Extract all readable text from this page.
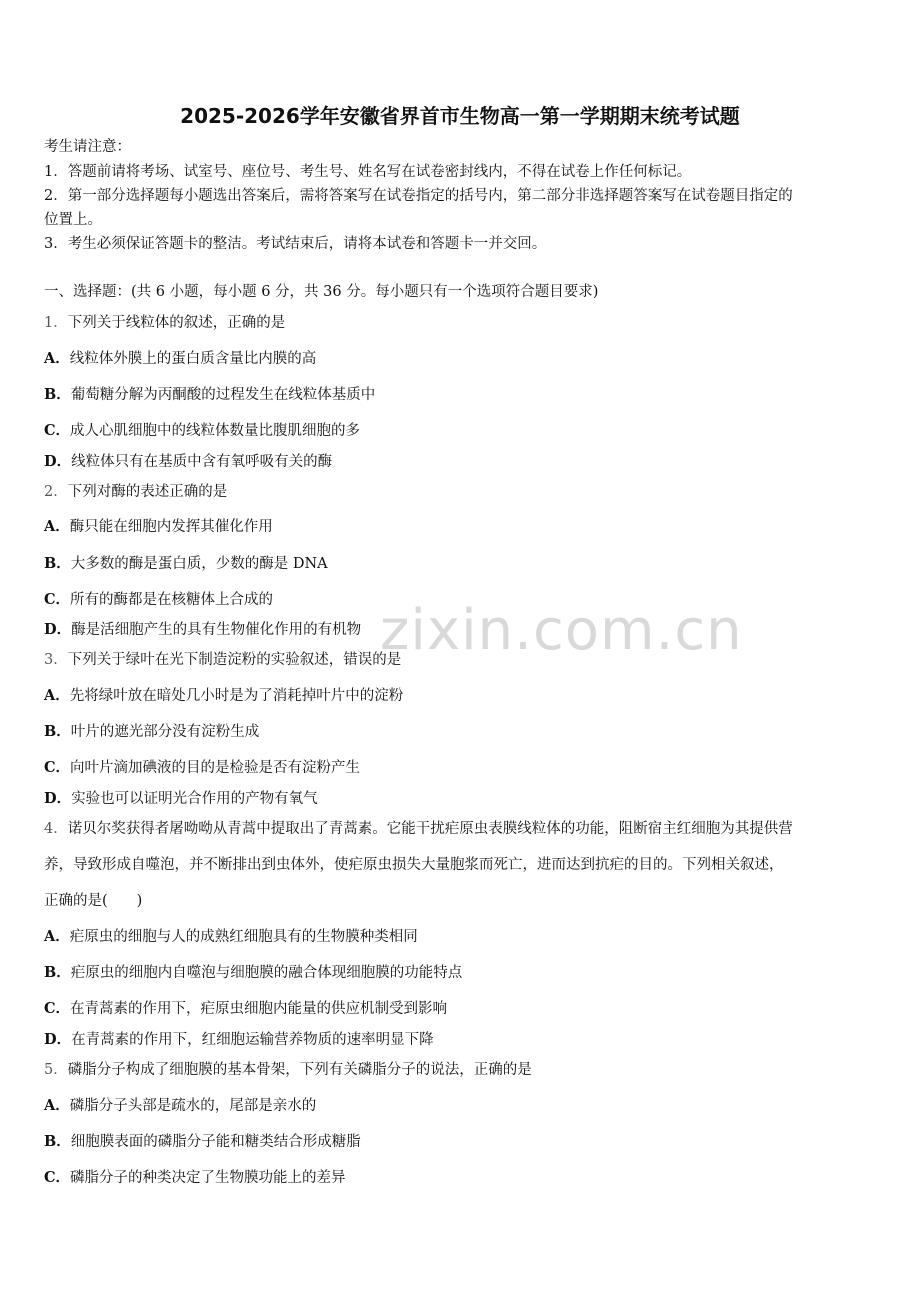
2025-2026学年安徽省界首市生物高一第一学期期末统考试题
考生请注意：
1．答题前请将考场、试室号、座位号、考生号、姓名写在试卷密封线内，不得在试卷上作任何标记。
2．第一部分选择题每小题选出答案后，需将答案写在试卷指定的括号内，第二部分非选择题答案写在试卷题目指定的
位置上。
3．考生必须保证答题卡的整洁。考试结束后，请将本试卷和答题卡一并交回。
一、选择题：(共 6 小题，每小题 6 分，共 36 分。每小题只有一个选项符合题目要求)
zixin.com.cn
1．下列关于线粒体的叙述，正确的是
A．线粒体外膜上的蛋白质含量比内膜的高
B．葡萄糖分解为丙酮酸的过程发生在线粒体基质中
C．成人心肌细胞中的线粒体数量比腹肌细胞的多
D．线粒体只有在基质中含有氧呼吸有关的酶
2．下列对酶的表述正确的是
A．酶只能在细胞内发挥其催化作用
B．大多数的酶是蛋白质，少数的酶是 DNA
C．所有的酶都是在核糖体上合成的
D．酶是活细胞产生的具有生物催化作用的有机物
3．下列关于绿叶在光下制造淀粉的实验叙述，错误的是
A．先将绿叶放在暗处几小时是为了消耗掉叶片中的淀粉
B．叶片的遮光部分没有淀粉生成
C．向叶片滴加碘液的目的是检验是否有淀粉产生
D．实验也可以证明光合作用的产物有氧气
4．诺贝尔奖获得者屠呦呦从青蒿中提取出了青蒿素。它能干扰疟原虫表膜线粒体的功能，阻断宿主红细胞为其提供营
养，导致形成自噬泡，并不断排出到虫体外，使疟原虫损失大量胞浆而死亡，进而达到抗疟的目的。下列相关叙述，
正确的是(　　)
A．疟原虫的细胞与人的成熟红细胞具有的生物膜种类相同
B．疟原虫的细胞内自噬泡与细胞膜的融合体现细胞膜的功能特点
C．在青蒿素的作用下，疟原虫细胞内能量的供应机制受到影响
D．在青蒿素的作用下，红细胞运输营养物质的速率明显下降
5．磷脂分子构成了细胞膜的基本骨架，下列有关磷脂分子的说法，正确的是
A．磷脂分子头部是疏水的，尾部是亲水的
B．细胞膜表面的磷脂分子能和糖类结合形成糖脂
C．磷脂分子的种类决定了生物膜功能上的差异
